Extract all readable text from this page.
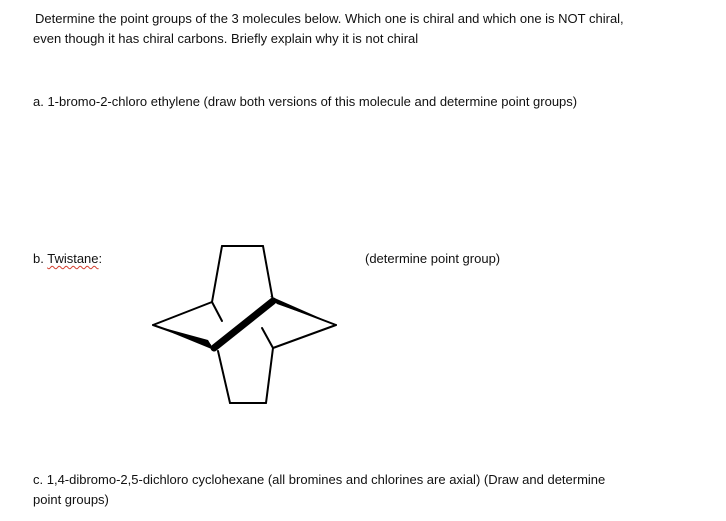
Determine the point groups of the 3 molecules below. Which one is chiral and which one is NOT chiral,
even though it has chiral carbons. Briefly explain why it is not chiral
a. 1-bromo-2-chloro ethylene (draw both versions of this molecule and determine point groups)
b. Twistane:	(determine point group)
c. 1,4-dibromo-2,5-dichloro cyclohexane (all bromines and chlorines are axial) (Draw and determine
point groups)
